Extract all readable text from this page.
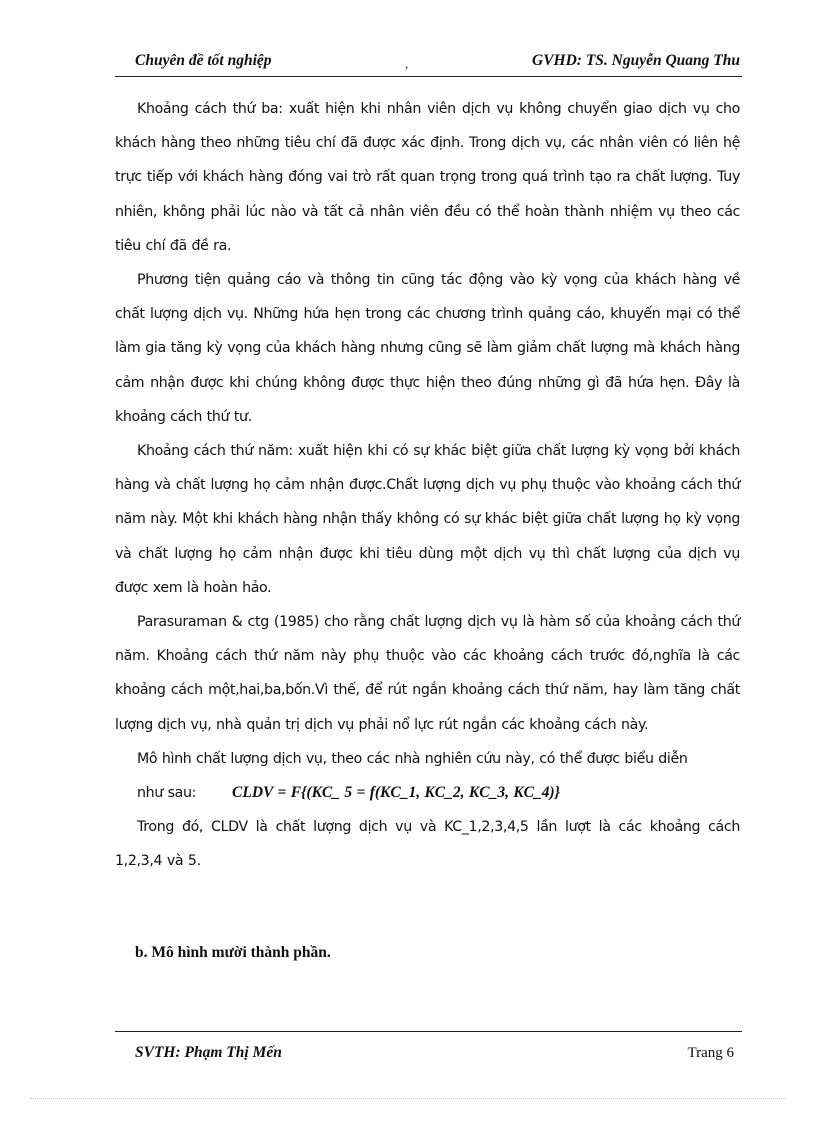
Chuyên đề tốt nghiệp	,	GVHD: TS. Nguyễn Quang Thu

Khoảng cách thứ ba: xuất hiện khi nhân viên dịch vụ không chuyển giao dịch vụ cho khách hàng theo những tiêu chí đã được xác định. Trong dịch vụ, các nhân viên có liên hệ trực tiếp với khách hàng đóng vai trò rất quan trọng trong quá trình tạo ra chất lượng. Tuy nhiên, không phải lúc nào và tất cả nhân viên đều có thể hoàn thành nhiệm vụ theo các tiêu chí đã đề ra.

Phương tiện quảng cáo và thông tin cũng tác động vào kỳ vọng của khách hàng về chất lượng dịch vụ. Những hứa hẹn trong các chương trình quảng cáo, khuyến mại có thể làm gia tăng kỳ vọng của khách hàng nhưng cũng sẽ làm giảm chất lượng mà khách hàng cảm nhận được khi chúng không được thực hiện theo đúng những gì đã hứa hẹn. Đây là khoảng cách thứ tư.

Khoảng cách thứ năm: xuất hiện khi có sự khác biệt giữa chất lượng kỳ vọng bởi khách hàng và chất lượng họ cảm nhận được.Chất lượng dịch vụ phụ thuộc vào khoảng cách thứ năm này. Một khi khách hàng nhận thấy không có sự khác biệt giữa chất lượng họ kỳ vọng và chất lượng họ cảm nhận được khi tiêu dùng một dịch vụ thì chất lượng của dịch vụ được xem là hoàn hảo.

Parasuraman & ctg (1985) cho rằng chất lượng dịch vụ là hàm số của khoảng cách thứ năm. Khoảng cách thứ năm này phụ thuộc vào các khoảng cách trước đó,nghĩa là các khoảng cách một,hai,ba,bốn.Vì thế, để rút ngắn khoảng cách thứ năm, hay làm tăng chất lượng dịch vụ, nhà quản trị dịch vụ phải nổ lực rút ngắn các khoảng cách này.

Mô hình chất lượng dịch vụ, theo các nhà nghiên cứu này, có thể được biểu diễn

như sau: CLDV = F{(KC_ 5 = f(KC_1, KC_2, KC_3, KC_4)}

Trong đó, CLDV là chất lượng dịch vụ và KC_1,2,3,4,5 lần lượt là các khoảng cách 1,2,3,4 và 5.

b. Mô hình mười thành phần.
SVTH: Phạm Thị Mến	Trang 6
